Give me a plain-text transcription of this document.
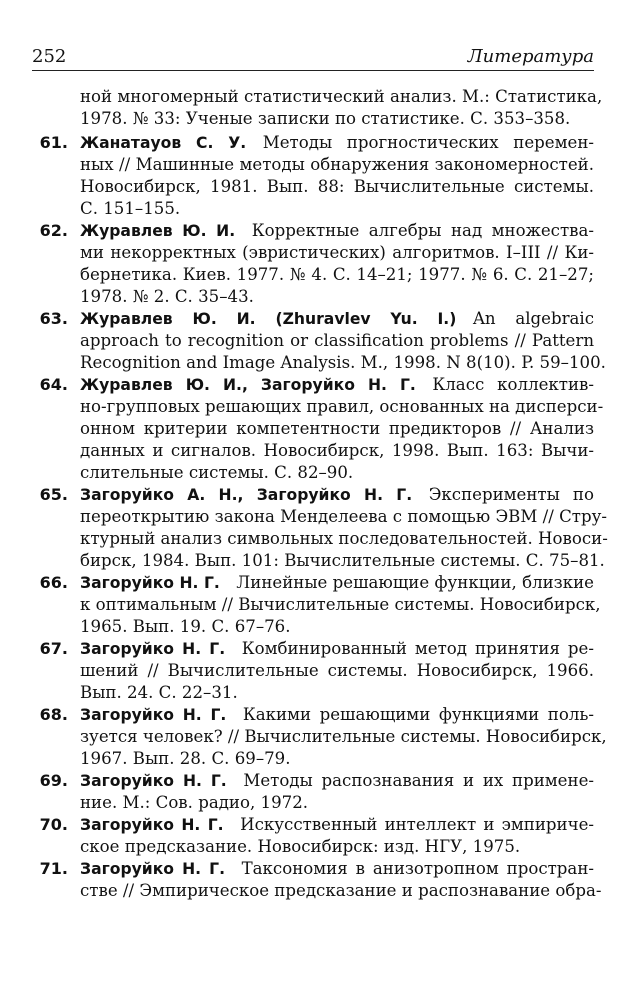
252	Литература
ной многомерный статистический анализ. М.: Статистика,
1978. № 33: Ученые записки по статистике. С. 353–358.
61. Жанатауов С. У.  Методы прогностических перемен-
ных // Машинные методы обнаружения закономерностей.
Новосибирск, 1981. Вып. 88: Вычислительные системы.
С. 151–155.
62. Журавлев Ю. И.  Корректные алгебры над множества-
ми некорректных (эвристических) алгоритмов. I–III // Ки-
бернетика. Киев. 1977. № 4. С. 14–21; 1977. № 6. С. 21–27;
1978. № 2. С. 35–43.
63. Журавлев Ю. И. (Zhuravlev Yu. I.)  An algebraic
approach to recognition or classification problems // Pattern
Recognition and Image Analysis. M., 1998. N 8(10). P. 59–100.
64. Журавлев Ю. И., Загоруйко Н. Г.  Класс коллектив-
но-групповых решающих правил, основанных на дисперси-
онном критерии компетентности предикторов // Анализ
данных и сигналов. Новосибирск, 1998. Вып. 163: Вычи-
слительные системы. С. 82–90.
65. Загоруйко А. Н., Загоруйко Н. Г.  Эксперименты по
переоткрытию закона Менделеева с помощью ЭВМ // Стру-
ктурный анализ символьных последовательностей. Новоси-
бирск, 1984. Вып. 101: Вычислительные системы. С. 75–81.
66. Загоруйко Н. Г.  Линейные решающие функции, близкие
к оптимальным // Вычислительные системы. Новосибирск,
1965. Вып. 19. С. 67–76.
67. Загоруйко Н. Г.  Комбинированный метод принятия ре-
шений // Вычислительные системы. Новосибирск, 1966.
Вып. 24. С. 22–31.
68. Загоруйко Н. Г.  Какими решающими функциями поль-
зуется человек? // Вычислительные системы. Новосибирск,
1967. Вып. 28. С. 69–79.
69. Загоруйко Н. Г.  Методы распознавания и их примене-
ние. М.: Сов. радио, 1972.
70. Загоруйко Н. Г.  Искусственный интеллект и эмпириче-
ское предсказание. Новосибирск: изд. НГУ, 1975.
71. Загоруйко Н. Г.  Таксономия в анизотропном простран-
стве // Эмпирическое предсказание и распознавание обра-
